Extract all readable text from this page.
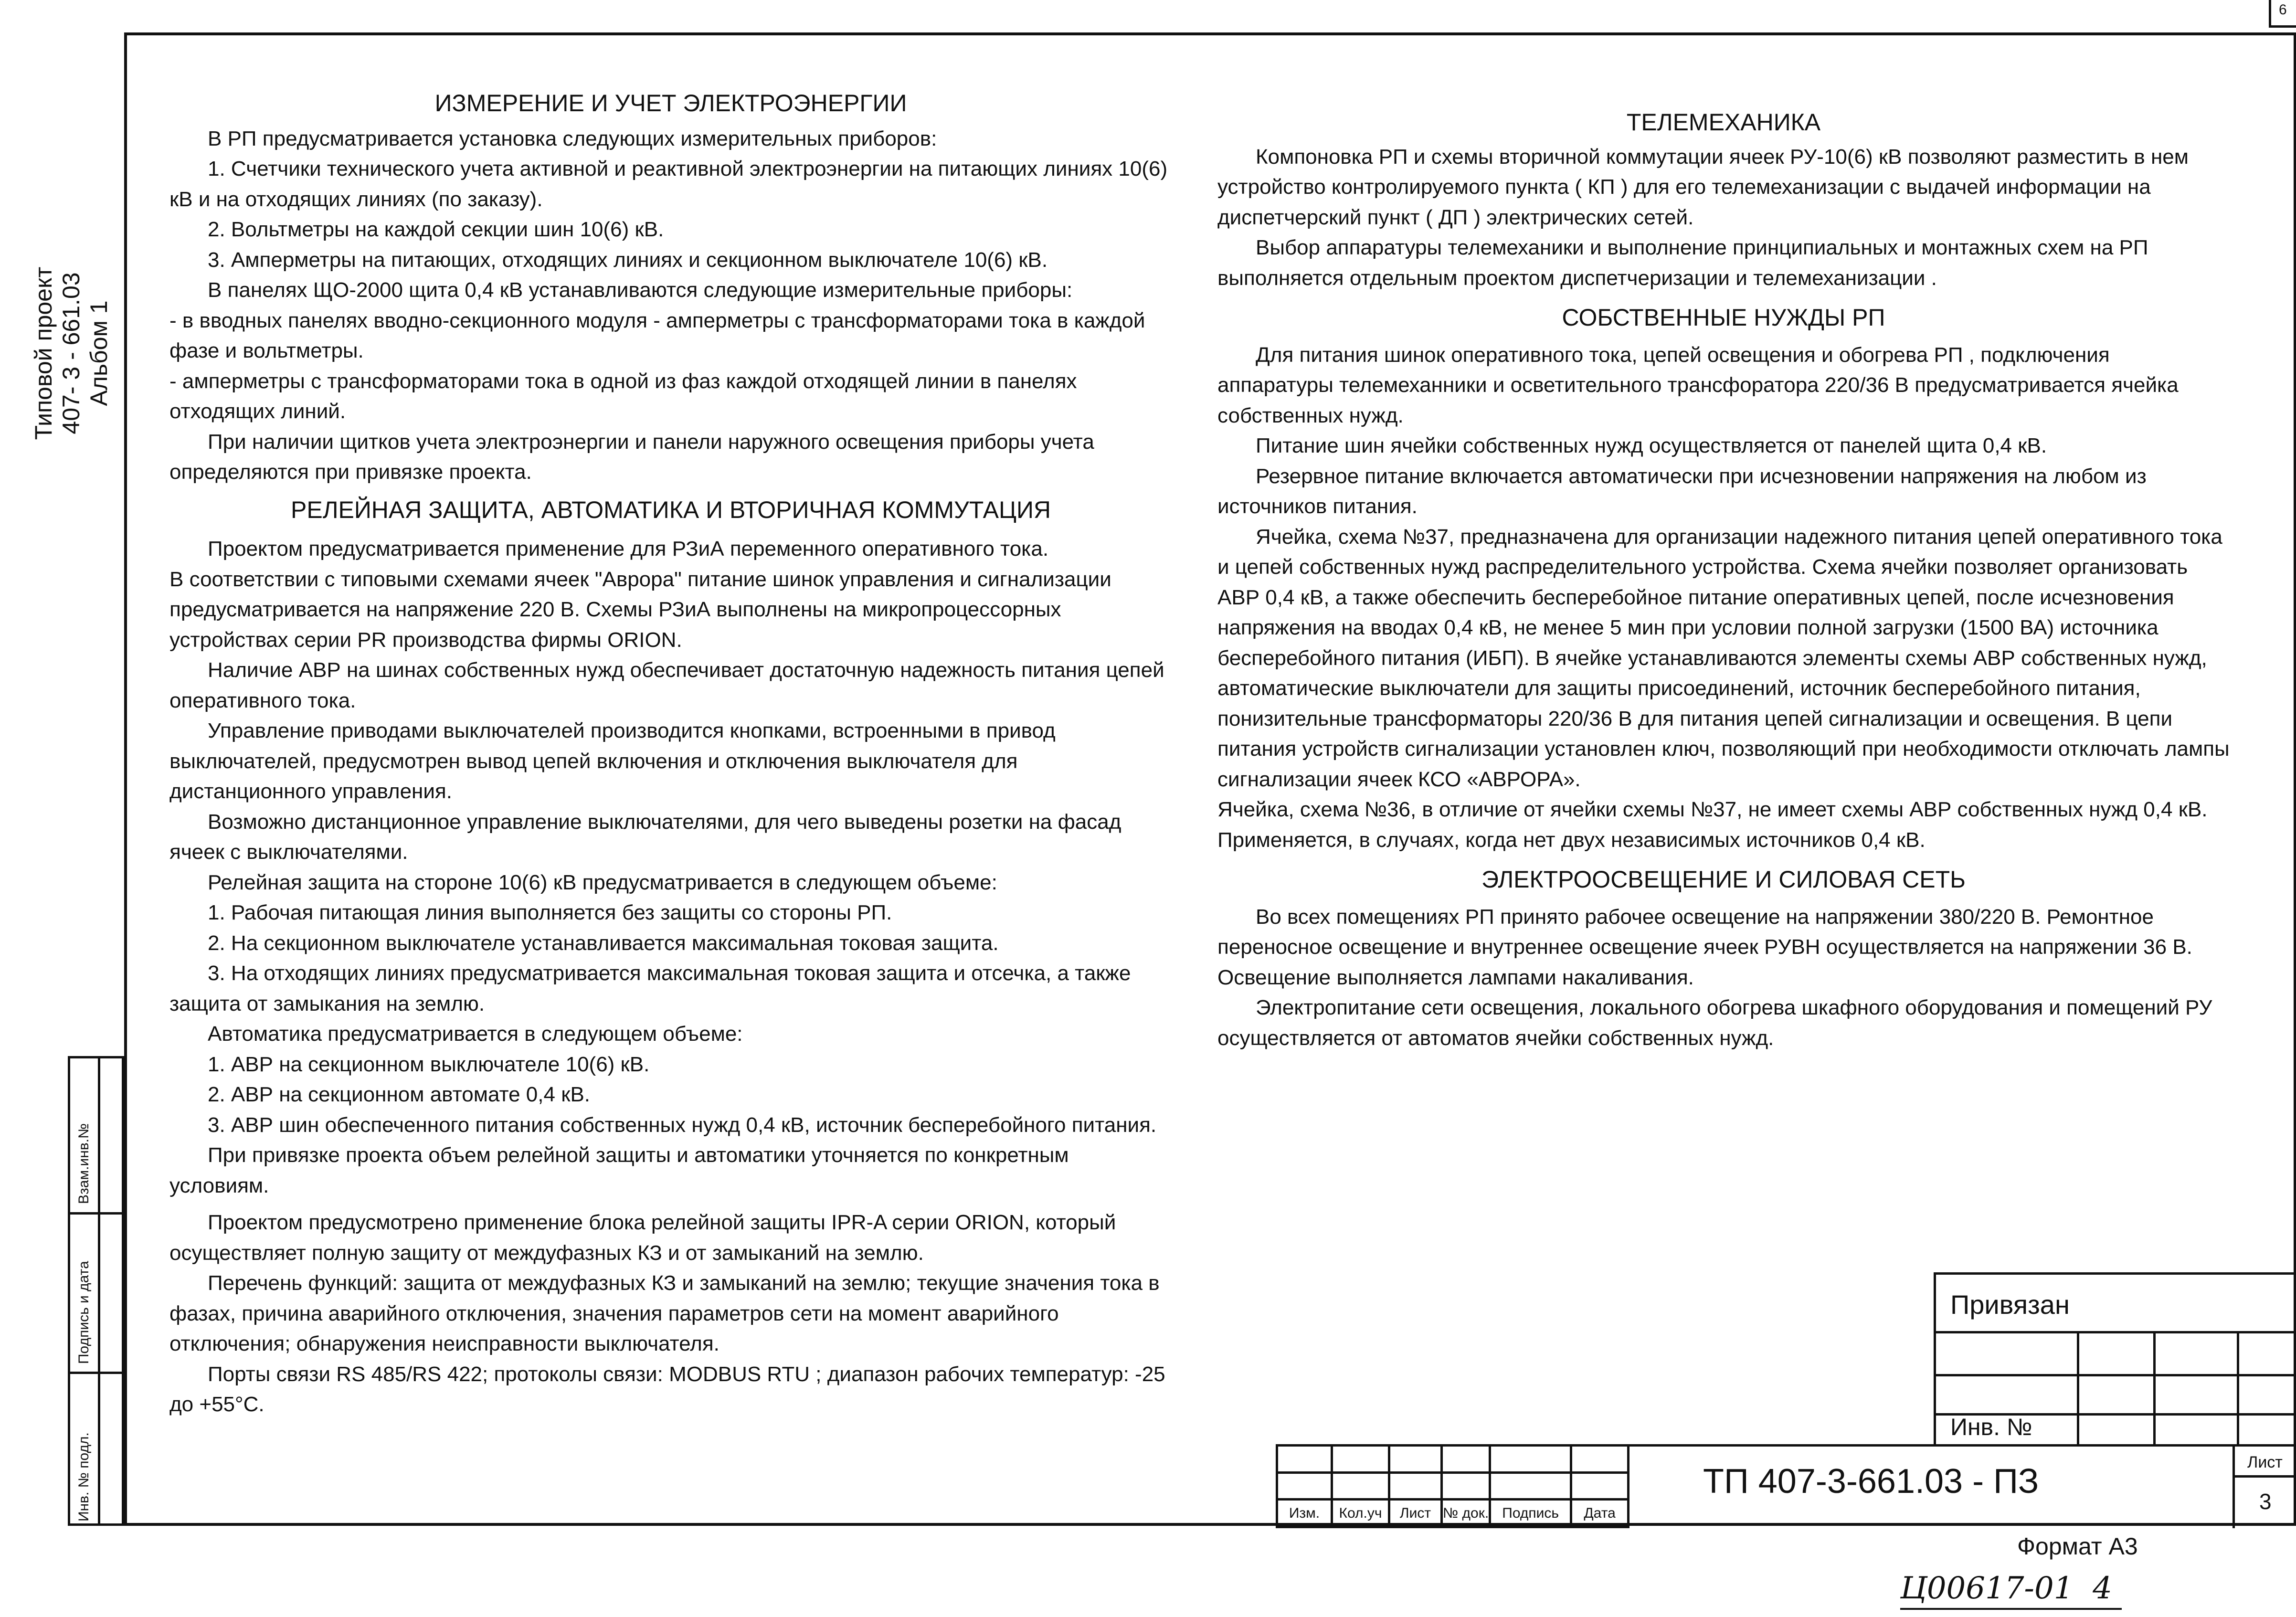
6
Типовой проект 407- 3 - 661.03 Альбом 1
Взам.инв.№
Подпись и дата
Инв. № подл.

ИЗМЕРЕНИЕ И УЧЕТ ЭЛЕКТРОЭНЕРГИИ

В РП предусматривается установка следующих измерительных приборов:

1. Счетчики технического учета активной и реактивной электроэнергии на питающих линиях 10(6) кВ и на отходящих линиях (по заказу).

2. Вольтметры на каждой секции шин 10(6) кВ.

3. Амперметры на питающих, отходящих линиях и секционном выключателе 10(6) кВ.

В панелях ЩО-2000 щита 0,4 кВ устанавливаются следующие измерительные приборы:

- в вводных панелях вводно-секционного модуля - амперметры с трансформаторами тока в каждой фазе и вольтметры.

- амперметры с трансформаторами тока в одной из фаз каждой отходящей линии в панелях отходящих линий.

При наличии щитков учета электроэнергии и панели наружного освещения приборы учета определяются при привязке проекта.

РЕЛЕЙНАЯ ЗАЩИТА, АВТОМАТИКА И ВТОРИЧНАЯ КОММУТАЦИЯ

Проектом предусматривается применение для РЗиА переменного оперативного тока.

В соответствии с типовыми схемами ячеек "Аврора" питание шинок управления и сигнализации предусматривается на напряжение 220 В. Схемы РЗиА выполнены на микропроцессорных устройствах серии PR производства фирмы ORION.

Наличие АВР на шинах собственных нужд обеспечивает достаточную надежность питания цепей оперативного тока.

Управление приводами выключателей производится кнопками, встроенными в привод выключателей, предусмотрен вывод цепей включения и отключения выключателя для дистанционного управления.

Возможно дистанционное управление выключателями, для чего выведены розетки на фасад ячеек с выключателями.

Релейная защита на стороне 10(6) кВ предусматривается в следующем объеме:

1. Рабочая питающая линия выполняется без защиты со стороны РП.

2. На секционном выключателе устанавливается максимальная токовая защита.

3. На отходящих линиях предусматривается максимальная токовая защита и отсечка, а также защита от замыкания на землю.

Автоматика предусматривается в следующем объеме:

1. АВР на секционном выключателе 10(6) кВ.

2. АВР на секционном автомате 0,4 кВ.

3. АВР шин обеспеченного питания собственных нужд 0,4 кВ, источник бесперебойного питания.

При привязке проекта объем релейной защиты и автоматики уточняется по конкретным условиям.

Проектом предусмотрено применение блока релейной защиты IPR-A серии ORION, который осуществляет полную защиту от междуфазных КЗ и от замыканий на землю.

Перечень функций: защита от междуфазных КЗ и замыканий на землю; текущие значения тока в фазах, причина аварийного отключения, значения параметров сети на момент аварийного отключения; обнаружения неисправности выключателя.

Порты связи RS 485/RS 422; протоколы связи: MODBUS RTU ; диапазон рабочих температур: -25 до +55°С.

ТЕЛЕМЕХАНИКА

Компоновка РП и схемы вторичной коммутации ячеек РУ-10(6) кВ позволяют разместить в нем устройство контролируемого пункта ( КП ) для его телемеханизации с выдачей информации на диспетчерский пункт ( ДП ) электрических сетей.

Выбор аппаратуры телемеханики и выполнение принципиальных и монтажных схем на РП выполняется отдельным проектом диспетчеризации и телемеханизации .

СОБСТВЕННЫЕ НУЖДЫ РП

Для питания шинок оперативного тока, цепей освещения и обогрева РП , подключения аппаратуры телемеханники и осветительного трансфоратора 220/36 В предусматривается ячейка собственных нужд.

Питание шин ячейки собственных нужд осуществляется от панелей щита 0,4 кВ.

Резервное питание включается автоматически при исчезновении напряжения на любом из источников питания.

Ячейка, схема №37, предназначена для организации надежного питания цепей оперативного тока и цепей собственных нужд распределительного устройства. Схема ячейки позволяет организовать АВР 0,4 кВ, а также обеспечить бесперебойное питание оперативных цепей, после исчезновения напряжения на вводах 0,4 кВ, не менее 5 мин при условии полной загрузки (1500 ВА) источника бесперебойного питания (ИБП). В ячейке устанавливаются элементы схемы АВР собственных нужд, автоматические выключатели для защиты присоединений, источник бесперебойного питания, понизительные трансформаторы 220/36 В для питания цепей сигнализации и освещения. В цепи питания устройств сигнализации установлен ключ, позволяющий при необходимости отключать лампы сигнализации ячеек КСО «АВРОРА».

Ячейка, схема №36, в отличие от ячейки схемы №37, не имеет схемы АВР собственных нужд 0,4 кВ. Применяется, в случаях, когда нет двух независимых источников 0,4 кВ.

ЭЛЕКТРООСВЕЩЕНИЕ И СИЛОВАЯ СЕТЬ

Во всех помещениях РП принято рабочее освещение на напряжении 380/220 В. Ремонтное переносное освещение и внутреннее освещение ячеек РУВН осуществляется на напряжении 36 В. Освещение выполняется лампами накаливания.

Электропитание сети освещения, локального обогрева шкафного оборудования и помещений РУ осуществляется от автоматов ячейки собственных нужд.

Привязан
Инв. №

Изм.	Кол.уч	Лист	№ док.	Подпись	Дата
ТП 407-3-661.03 - ПЗ	Лист
3
Формат А3
Ц00617-01  4
